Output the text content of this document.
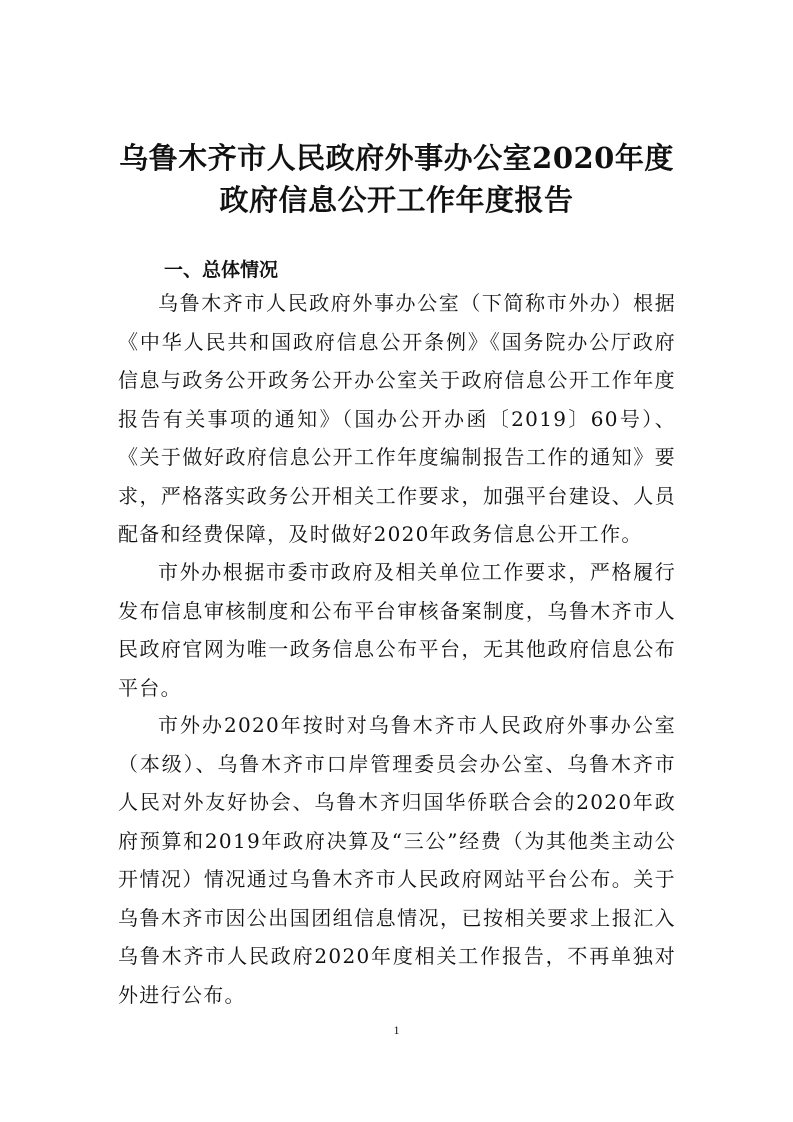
乌鲁木齐市人民政府外事办公室2020年度
政府信息公开工作年度报告
一、总体情况

乌鲁木齐市人民政府外事办公室（下简称市外办）根据《中华人民共和国政府信息公开条例》《国务院办公厅政府信息与政务公开政务公开办公室关于政府信息公开工作年度报告有关事项的通知》（国办公开办函〔2019〕60号）、《关于做好政府信息公开工作年度编制报告工作的通知》要求，严格落实政务公开相关工作要求，加强平台建设、人员配备和经费保障，及时做好2020年政务信息公开工作。

市外办根据市委市政府及相关单位工作要求，严格履行发布信息审核制度和公布平台审核备案制度，乌鲁木齐市人民政府官网为唯一政务信息公布平台，无其他政府信息公布平台。

市外办2020年按时对乌鲁木齐市人民政府外事办公室（本级）、乌鲁木齐市口岸管理委员会办公室、乌鲁木齐市人民对外友好协会、乌鲁木齐归国华侨联合会的2020年政府预算和2019年政府决算及“三公”经费（为其他类主动公开情况）情况通过乌鲁木齐市人民政府网站平台公布。关于乌鲁木齐市因公出国团组信息情况，已按相关要求上报汇入乌鲁木齐市人民政府2020年度相关工作报告，不再单独对外进行公布。

1
